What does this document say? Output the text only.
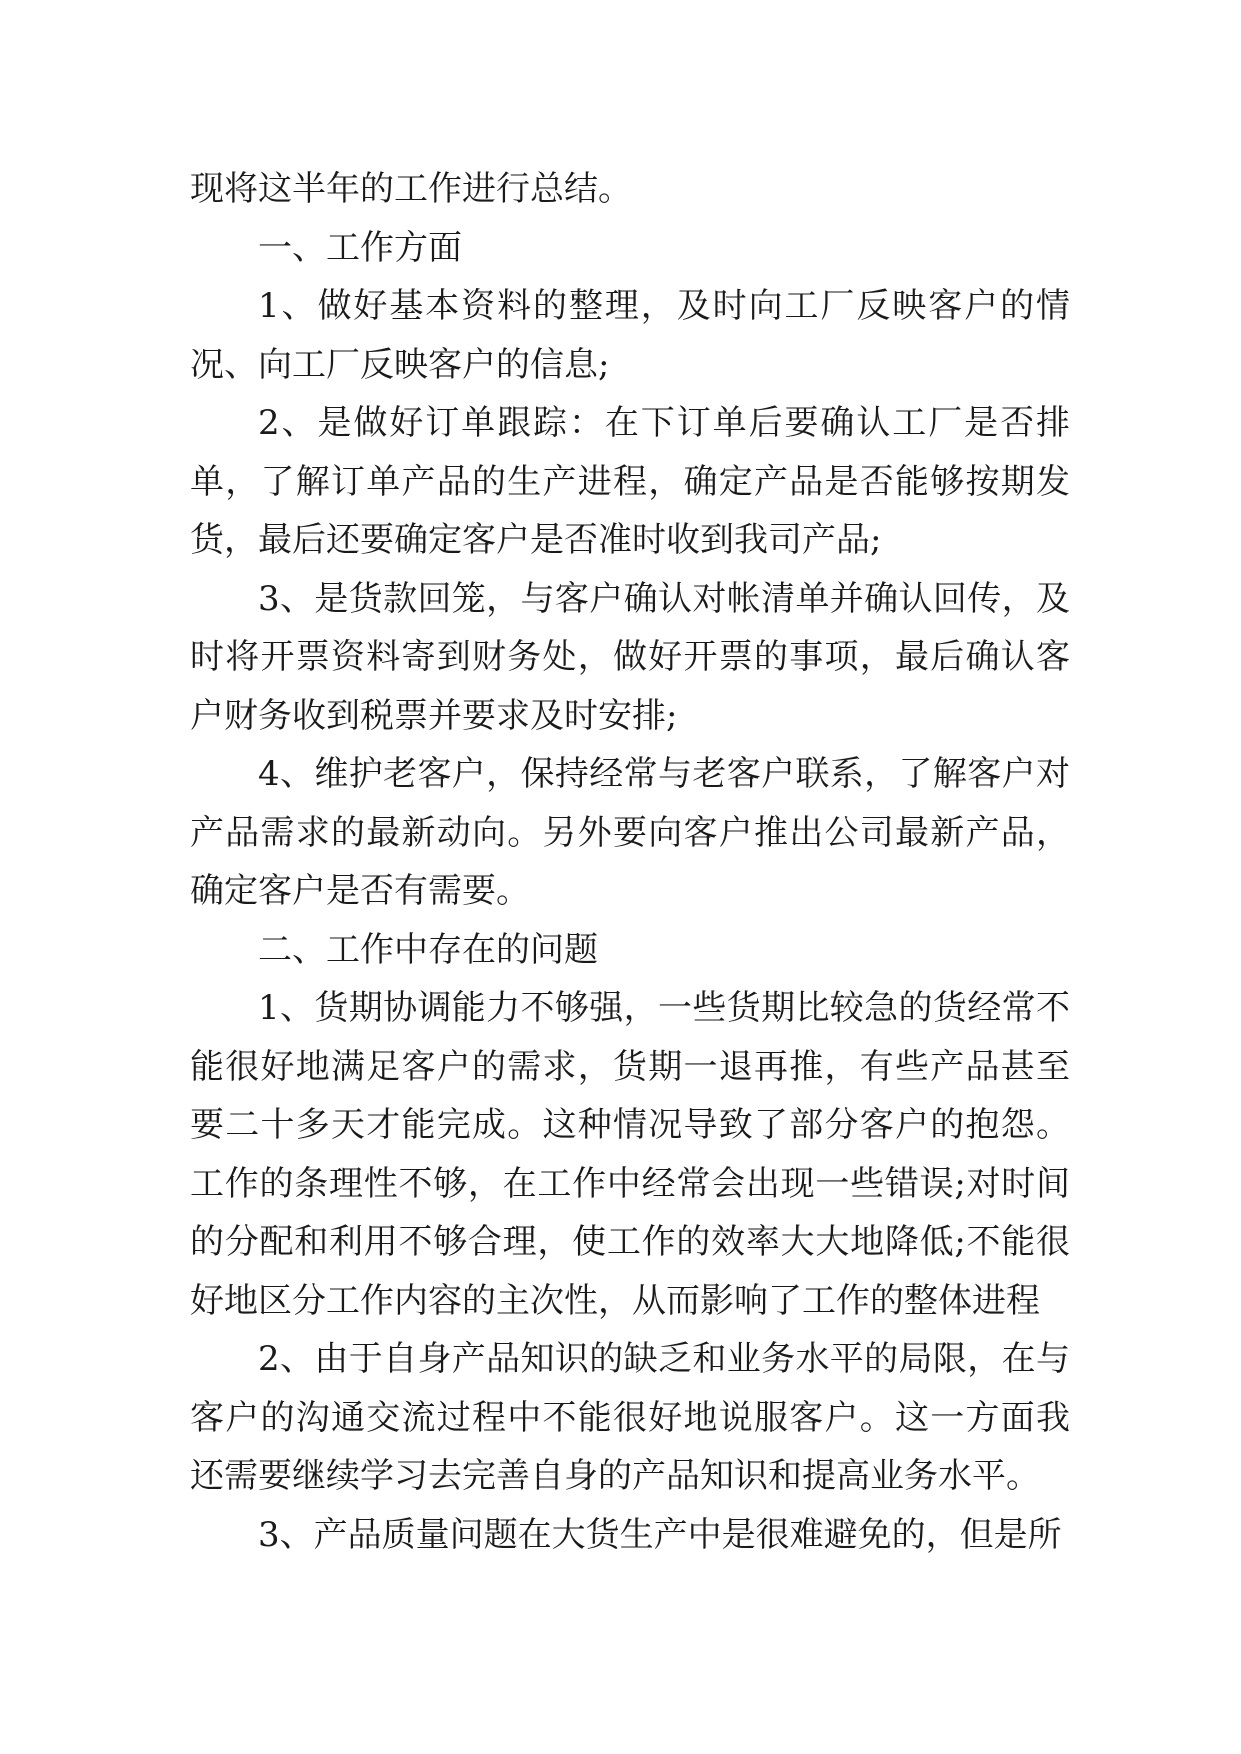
现将这半年的工作进行总结。

一、工作方面

1、做好基本资料的整理，及时向工厂反映客户的情况、向工厂反映客户的信息;

2、是做好订单跟踪：在下订单后要确认工厂是否排单，了解订单产品的生产进程，确定产品是否能够按期发货，最后还要确定客户是否准时收到我司产品;

3、是货款回笼，与客户确认对帐清单并确认回传，及时将开票资料寄到财务处，做好开票的事项，最后确认客户财务收到税票并要求及时安排;

4、维护老客户，保持经常与老客户联系，了解客户对产品需求的最新动向。另外要向客户推出公司最新产品，确定客户是否有需要。

二、工作中存在的问题

1、货期协调能力不够强，一些货期比较急的货经常不能很好地满足客户的需求，货期一退再推，有些产品甚至要二十多天才能完成。这种情况导致了部分客户的抱怨。工作的条理性不够，在工作中经常会出现一些错误;对时间的分配和利用不够合理，使工作的效率大大地降低;不能很好地区分工作内容的主次性，从而影响了工作的整体进程

2、由于自身产品知识的缺乏和业务水平的局限，在与客户的沟通交流过程中不能很好地说服客户。这一方面我还需要继续学习去完善自身的产品知识和提高业务水平。

3、产品质量问题在大货生产中是很难避免的，但是所
